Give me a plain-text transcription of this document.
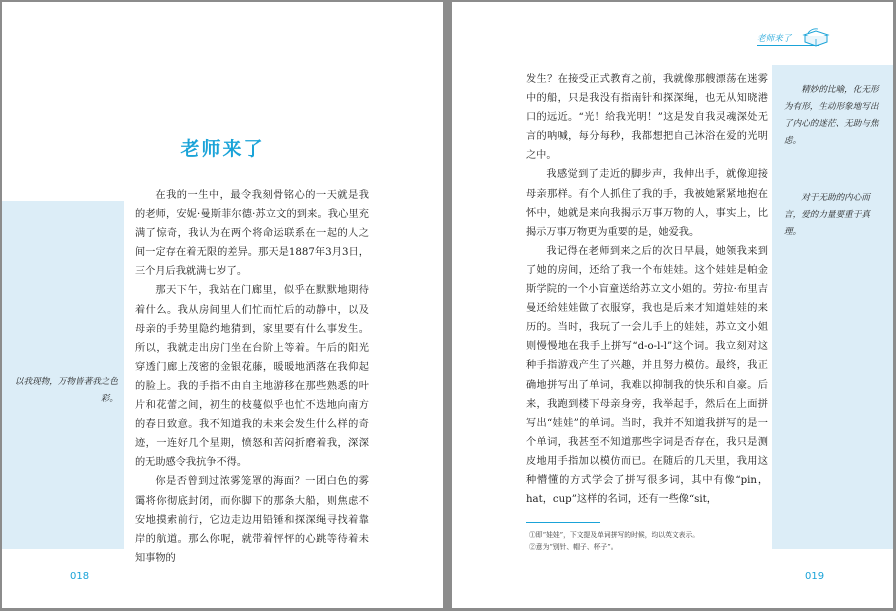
老师来了

在我的一生中，最令我刻骨铭心的一天就是我的老师，安妮·曼斯菲尔德·苏立文的到来。我心里充满了惊奇，我认为在两个将命运联系在一起的人之间一定存在着无限的差异。那天是1887年3月3日，三个月后我就满七岁了。

那天下午，我站在门廊里，似乎在默默地期待着什么。我从房间里人们忙而忙后的动静中，以及母亲的手势里隐约地猜到，家里要有什么事发生。所以，我就走出房门坐在台阶上等着。午后的阳光穿透门廊上茂密的金银花藤，暖暖地洒落在我仰起的脸上。我的手指不由自主地游移在那些熟悉的叶片和花蕾之间，初生的枝蔓似乎也忙不迭地向南方的春日致意。我不知道我的未来会发生什么样的奇迹，一连好几个星期，愤怒和苦闷折磨着我，深深的无助感令我抗争不得。

你是否曾到过浓雾笼罩的海面？一团白色的雾霭将你彻底封闭，而你脚下的那条大船，则焦虑不安地摸索前行，它边走边用铅锤和探深绳寻找着靠岸的航道。那么你呢，就带着怦怦的心跳等待着未知事物的

以我现物，万物皆著我之色彩。
018
老师来了

发生？在接受正式教育之前，我就像那艘漂荡在迷雾中的船，只是我没有指南针和探深绳，也无从知晓港口的远近。“光！给我光明！”这是发自我灵魂深处无言的呐喊，每分每秒，我都想把自己沐浴在爱的光明之中。

我感觉到了走近的脚步声，我伸出手，就像迎接母亲那样。有个人抓住了我的手，我被她紧紧地抱在怀中，她就是来向我揭示万事万物的人，事实上，比揭示万事万物更为重要的是，她爱我。

我记得在老师到来之后的次日早晨，她领我来到了她的房间，还给了我一个布娃娃。这个娃娃是帕金斯学院的一个小盲童送给苏立文小姐的。劳拉·布里吉曼还给娃娃做了衣服穿，我也是后来才知道娃娃的来历的。当时，我玩了一会儿手上的娃娃，苏立文小姐则慢慢地在我手上拼写“d-o-l-l”这个词。我立刻对这种手指游戏产生了兴趣，并且努力模仿。最终，我正确地拼写出了单词，我难以抑制我的快乐和自豪。后来，我跑到楼下母亲身旁，我举起手，然后在上面拼写出“娃娃”的单词。当时，我并不知道我拼写的是一个单词，我甚至不知道那些字词是否存在，我只是测皮地用手指加以模仿而已。在随后的几天里，我用这种懵懂的方式学会了拼写很多词，其中有像“pin，hat，cup”这样的名词，还有一些像“sit，

精妙的比喻，化无形为有形，生动形象地写出了内心的迷茫、无助与焦虑。
对于无助的内心而言，爱的力量要重于真理。
①即“娃娃”，下文提及单词拼写的时候，均以英文表示。
②意为“别针、帽子、杯子”。
019
